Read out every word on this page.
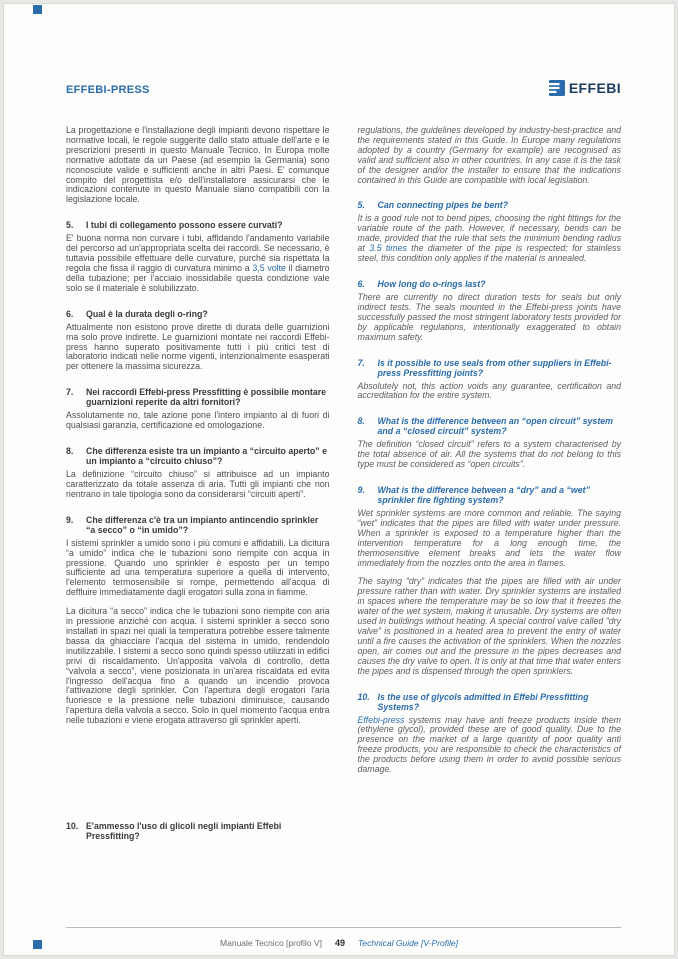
EFFEBI-PRESS	EFFEBI

La progettazione e l'installazione degli impianti devono rispettare le normative locali, le regole suggerite dallo stato attuale dell'arte e le prescrizioni presenti in questo Manuale Tecnico. In Europa molte normative adottate da un Paese (ad esempio la Germania) sono riconosciute valide e sufficienti anche in altri Paesi. E' comunque compito del progettista e/o dell'installatore assicurarsi che le indicazioni contenute in questo Manuale siano compatibili con la legislazione locale.

5.	I tubi di collegamento possono essere curvati?

E' buona norma non curvare i tubi, affidando l'andamento variabile del percorso ad un'appropriata scelta dei raccordi. Se necessario, è tuttavia possibile effettuare delle curvature, purché sia rispettata la regola che fissa il raggio di curvatura minimo a 3,5 volte il diametro della tubazione; per l'acciaio inossidabile questa condizione vale solo se il materiale è solubilizzato.

6.	Qual è la durata degli o-ring?

Attualmente non esistono prove dirette di durata delle guarnizioni ma solo prove indirette. Le guarnizioni montate nei raccordi Effebi-press hanno superato positivamente tutti i più critici test di laboratorio indicati nelle norme vigenti, intenzionalmente esasperati per ottenere la massima sicurezza.

7.	Nei raccordi Effebi-press Pressfitting è possibile montare guarnizioni reperite da altri fornitori?

Assolutamente no, tale azione pone l'intero impianto al di fuori di qualsiasi garanzia, certificazione ed omologazione.

8.	Che differenza esiste tra un impianto a “circuito aperto” e un impianto a “circuito chiuso”?

La definizione “circuito chiuso” si attribuisce ad un impianto caratterizzato da totale assenza di aria. Tutti gli impianti che non rientrano in tale tipologia sono da considerarsi “circuiti aperti”.

9.	Che differenza c'è tra un impianto antincendio sprinkler “a secco” o “in umido”?

I sistemi sprinkler a umido sono i più comuni e affidabili. La dicitura “a umido” indica che le tubazioni sono riempite con acqua in pressione. Quando uno sprinkler è esposto per un tempo sufficiente ad una temperatura superiore a quella di intervento, l'elemento termosensibile si rompe, permettendo all'acqua di deffluire immediatamente dagli erogatori sulla zona in fiamme.

La dicitura “a secco” indica che le tubazioni sono riempite con aria in pressione anziché con acqua. I sistemi sprinkler a secco sono installati in spazi nei quali la temperatura potrebbe essere talmente bassa da ghiacciare l'acqua del sistema in umido, rendendolo inutilizzabile. I sistemi a secco sono quindi spesso utilizzati in edifici privi di riscaldamento. Un'apposita valvola di controllo, detta “valvola a secco”, viene posizionata in un'area riscaldata ed evita l'ingresso dell'acqua fino a quando un incendio provoca l'attivazione degli sprinkler. Con l'apertura degli erogatori l'aria fuoriesce e la pressione nelle tubazioni diminuisce, causando l'apertura della valvola a secco. Solo in quel momento l'acqua entra nelle tubazioni e viene erogata attraverso gli sprinkler aperti.

10. E'ammesso l'uso di glicoli negli impianti Effebi Pressfitting?

regulations, the guidelines developed by industry-best-practice and the requirements stated in this Guide. In Europe many regulations adopted by a country (Germany for example) are recognised as valid and sufficient also in other countries. In any case it is the task of the designer and/or the installer to ensure that the indications contained in this Guide are compatible with local legislation.

5.	Can connecting pipes be bent?

It is a good rule not to bend pipes, choosing the right fittings for the variable route of the path. However, if necessary, bends can be made, provided that the rule that sets the minimum bending radius at 3.5 times the diameter of the pipe is respected; for stainless steel, this condition only applies if the material is annealed.

6.	How long do o-rings last?

There are currently no direct duration tests for seals but only indirect tests. The seals mounted in the Effebi-press joints have successfully passed the most stringent laboratory tests provided for by applicable regulations, intentionally exaggerated to obtain maximum safety.

7.	Is it possible to use seals from other suppliers in Effebi-press Pressfitting joints?

Absolutely not, this action voids any guarantee, certification and accreditation for the entire system.

8.	What is the difference between an “open circuit” system and a “closed circuit” system?

The definition “closed circuit” refers to a system characterised by the total absence of air. All the systems that do not belong to this type must be considered as “open circuits”.

9.	What is the difference between a “dry” and a “wet” sprinkler fire fighting system?

Wet sprinkler systems are more common and reliable. The saying “wet” indicates that the pipes are filled with water under pressure. When a sprinkler is exposed to a temperature higher than the intervention temperature for a long enough time, the thermosensitive element breaks and lets the water flow immediately from the nozzles onto the area in flames.

The saying “dry” indicates that the pipes are filled with air under pressure rather than with water. Dry sprinkler systems are installed in spaces where the temperature may be so low that it freezes the water of the wet system, making it unusable. Dry systems are often used in buildings without heating. A special control valve called “dry valve” is positioned in a heated area to prevent the entry of water until a fire causes the activation of the sprinklers. When the nozzles open, air comes out and the pressure in the pipes decreases and causes the dry valve to open. It is only at that time that water enters the pipes and is dispensed through the open sprinklers.

10. Is the use of glycols admitted in Effebi Pressfitting Systems?

Effebi-press systems may have anti freeze products inside them (ethylene glycol), provided these are of good quality. Due to the presence on the market of a large quantity of poor quality anti freeze products, you are responsible to check the characteristics of the products before using them in order to avoid possible serious damage.

Manuale Tecnico [profilo V] 49 Technical Guide [V-Profile]
